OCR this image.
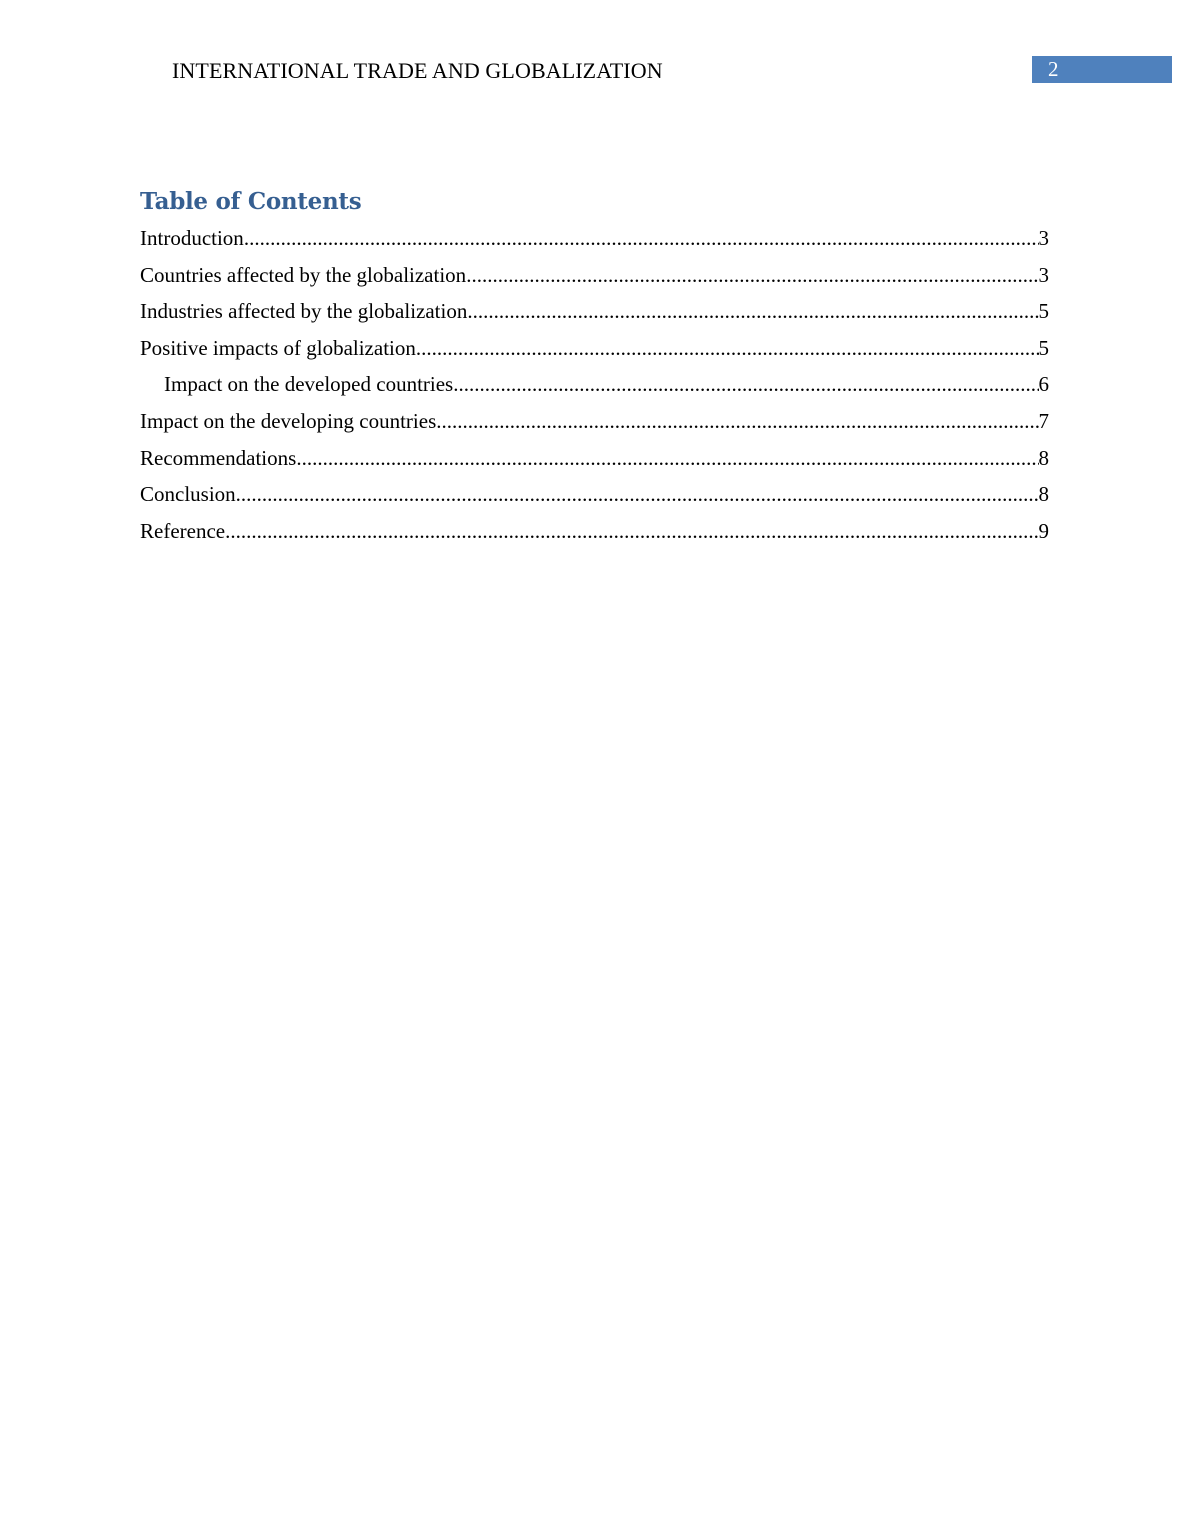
INTERNATIONAL TRADE AND GLOBALIZATION	2
Table of Contents
Introduction .....	3
Countries affected by the globalization .....	3
Industries affected by the globalization .....	5
Positive impacts of globalization .....	5
Impact on the developed countries .....	6
Impact on the developing countries .....	7
Recommendations .....	8
Conclusion .....	8
Reference .....	9
